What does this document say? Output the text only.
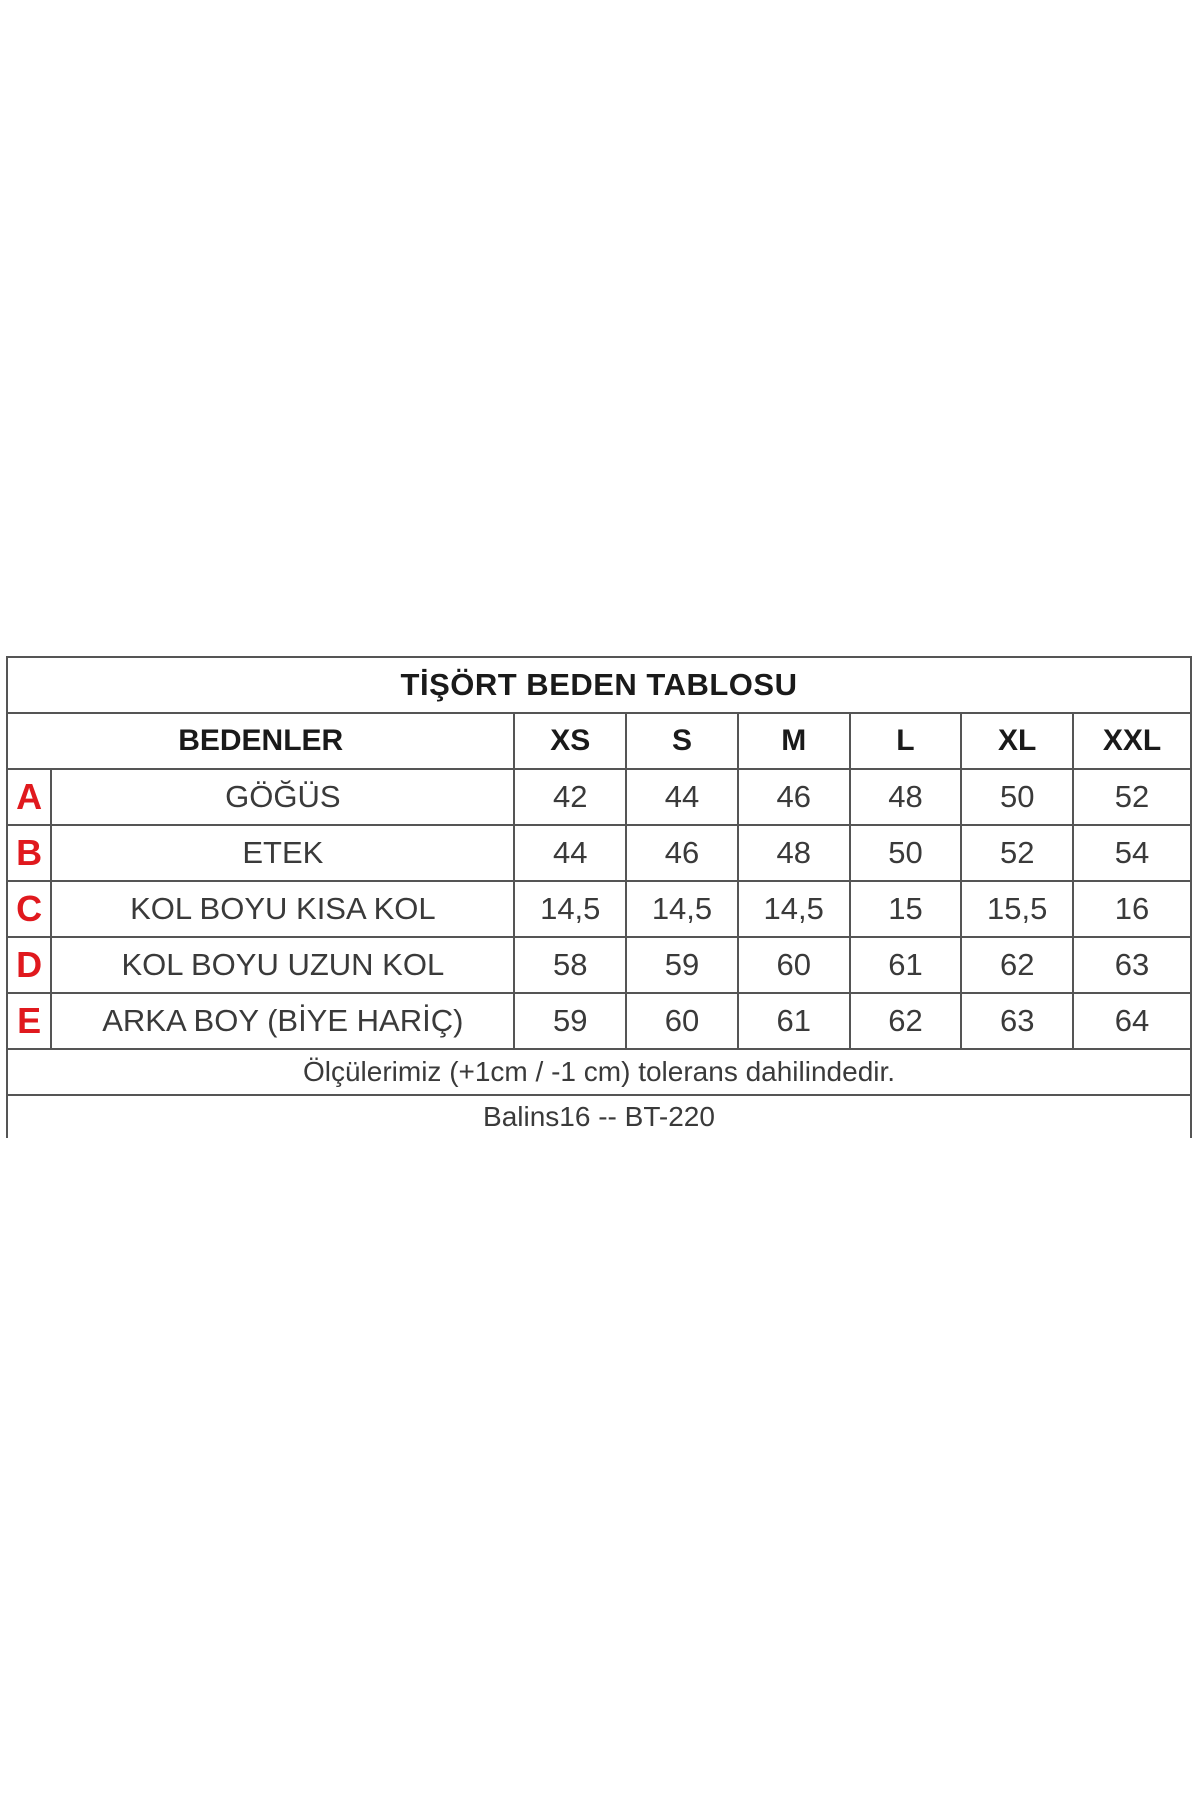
TİŞÖRT BEDEN TABLOSU							
BEDENLER		XS	S	M	L	XL	XXL
A	GÖĞÜS	42	44	46	48	50	52
B	ETEK	44	46	48	50	52	54
C	KOL BOYU KISA KOL	14,5	14,5	14,5	15	15,5	16
D	KOL BOYU UZUN KOL	58	59	60	61	62	63
E	ARKA BOY (BİYE HARİÇ)	59	60	61	62	63	64
Ölçülerimiz (+1cm / -1 cm) tolerans dahilindedir.							
Balins16 -- BT-220							
